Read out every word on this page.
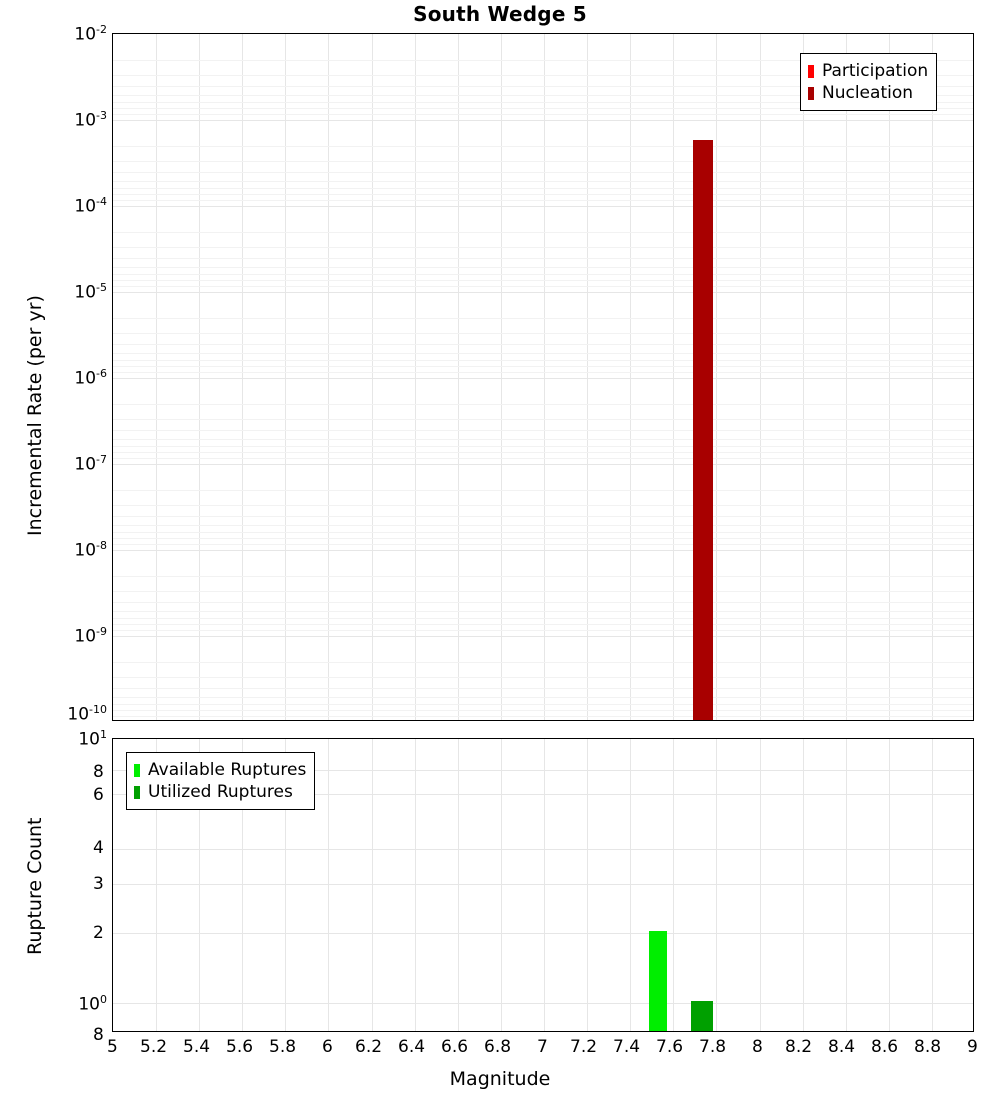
South Wedge 5
Participation
Nucleation
$10^{-2}$
$10^{-3}$
$10^{-4}$
$10^{-5}$
$10^{-6}$
$10^{-7}$
$10^{-8}$
$10^{-9}$
$10^{-10}$
Incremental Rate (per yr)
Available Ruptures
Utilized Ruptures
$10^1$
8
6
4
3
2
$10^0$
8
Rupture Count
5 5.2 5.4 5.6 5.8 6 6.2 6.4 6.6 6.8 7 7.2 7.4 7.6 7.8 8 8.2 8.4 8.6 8.8 9
Magnitude
